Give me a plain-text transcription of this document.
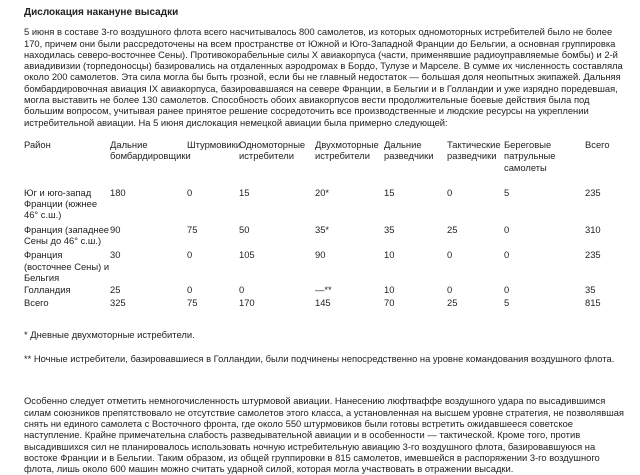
Дислокация накануне высадки

5 июня в составе 3-го воздушного флота всего насчитывалось 800 самолетов, из которых одномоторных истребителей было не более 170, причем они были рассредоточены на всем пространстве от Южной и Юго-Западной Франции до Бельгии, а основная группировка находилась северо-восточнее Сены). Противокорабельные силы X авиакорпуса (части, применявшие радиоуправляемые бомбы) и 2-й авиадивизии (торпедоносцы) базировались на отдаленных аэродромах в Бордо, Тулузе и Марселе. В сумме их численность составляла около 200 самолетов. Эта сила могла бы быть грозной, если бы не главный недостаток — большая доля неопытных экипажей. Дальняя бомбардировочная авиация IX авиакорпуса, базировавшаяся на севере Франции, в Бельгии и в Голландии и уже изрядно поредевшая, могла выставить не более 130 самолетов. Способность обоих авиакорпусов вести продолжительные боевые действия была под большим вопросом, учитывая ранее принятое решение сосредоточить все производственные и людские ресурсы на укреплении истребительной авиации. На 5 июня дислокация немецкой авиации была примерно следующей:

Район	Дальние бомбардировщики	Штурмовики	Одномоторные истребители	Двухмоторные истребители	Дальние разведчики	Тактические разведчики	Береговые патрульные самолеты	Всего
Юг и юго-запад Франции (южнее 46° с.ш.)	180	0	15	20*	15	0	5	235
Франция (западнее Сены до 46° с.ш.)	90	75	50	35*	35	25	0	310
Франция (восточнее Сены) и Бельгия	30	0	105	90	10	0	0	235
Голландия	25	0	0	—**	10	0	0	35
Всего	325	75	170	145	70	25	5	815

* Дневные двухмоторные истребители.

** Ночные истребители, базировавшиеся в Голландии, были подчинены непосредственно на уровне командования воздушного флота.

Особенно следует отметить немногочисленность штурмовой авиации. Нанесению люфтваффе воздушного удара по высадившимся силам союзников препятствовало не отсутствие самолетов этого класса, а установленная на высшем уровне стратегия, не позволявшая снять ни единого самолета с Восточного фронта, где около 550 штурмовиков были готовы встретить ожидавшееся советское наступление. Крайне примечательна слабость разведывательной авиации и в особенности — тактической. Кроме того, против высадившихся сил не планировалось использовать ночную истребительную авиацию 3-го воздушного флота, базировавшуюся на востоке Франции и в Бельгии. Таким образом, из общей группировки в 815 самолетов, имевшейся в распоряжении 3-го воздушного флота, лишь около 600 машин можно считать ударной силой, которая могла участвовать в отражении высадки.
